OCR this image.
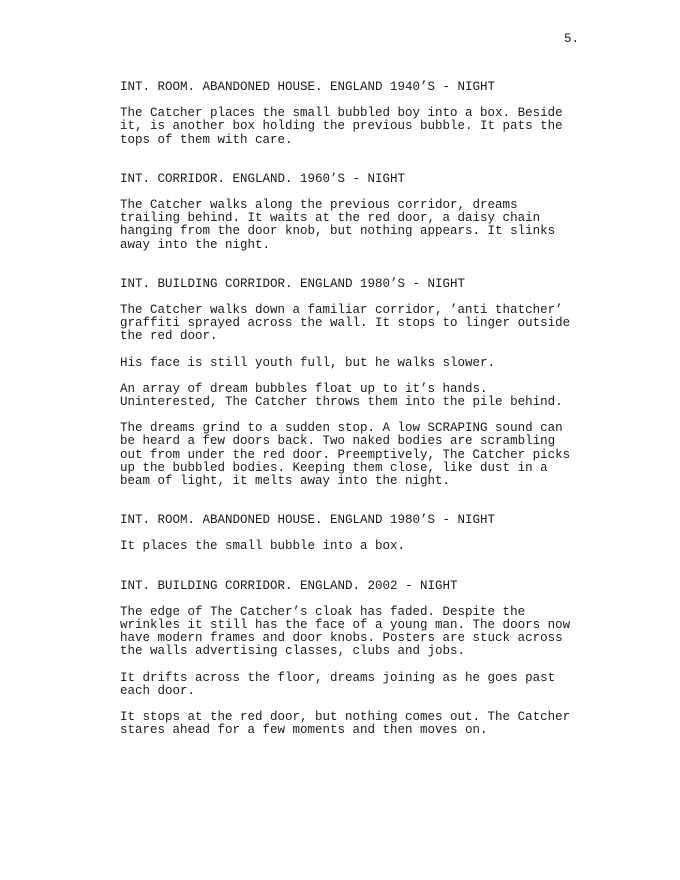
5.
INT. ROOM. ABANDONED HOUSE. ENGLAND 1940’S - NIGHT
The Catcher places the small bubbled boy into a box. Beside
it, is another box holding the previous bubble. It pats the
tops of them with care.
INT. CORRIDOR. ENGLAND. 1960’S - NIGHT
The Catcher walks along the previous corridor, dreams
trailing behind. It waits at the red door, a daisy chain
hanging from the door knob, but nothing appears. It slinks
away into the night.
INT. BUILDING CORRIDOR. ENGLAND 1980’S - NIGHT
The Catcher walks down a familiar corridor, ’anti thatcher’
graffiti sprayed across the wall. It stops to linger outside
the red door.
His face is still youth full, but he walks slower.
An array of dream bubbles float up to it’s hands.
Uninterested, The Catcher throws them into the pile behind.
The dreams grind to a sudden stop. A low SCRAPING sound can
be heard a few doors back. Two naked bodies are scrambling
out from under the red door. Preemptively, The Catcher picks
up the bubbled bodies. Keeping them close, like dust in a
beam of light, it melts away into the night.
INT. ROOM. ABANDONED HOUSE. ENGLAND 1980’S - NIGHT
It places the small bubble into a box.
INT. BUILDING CORRIDOR. ENGLAND. 2002 - NIGHT
The edge of The Catcher’s cloak has faded. Despite the
wrinkles it still has the face of a young man. The doors now
have modern frames and door knobs. Posters are stuck across
the walls advertising classes, clubs and jobs.
It drifts across the floor, dreams joining as he goes past
each door.
It stops at the red door, but nothing comes out. The Catcher
stares ahead for a few moments and then moves on.
